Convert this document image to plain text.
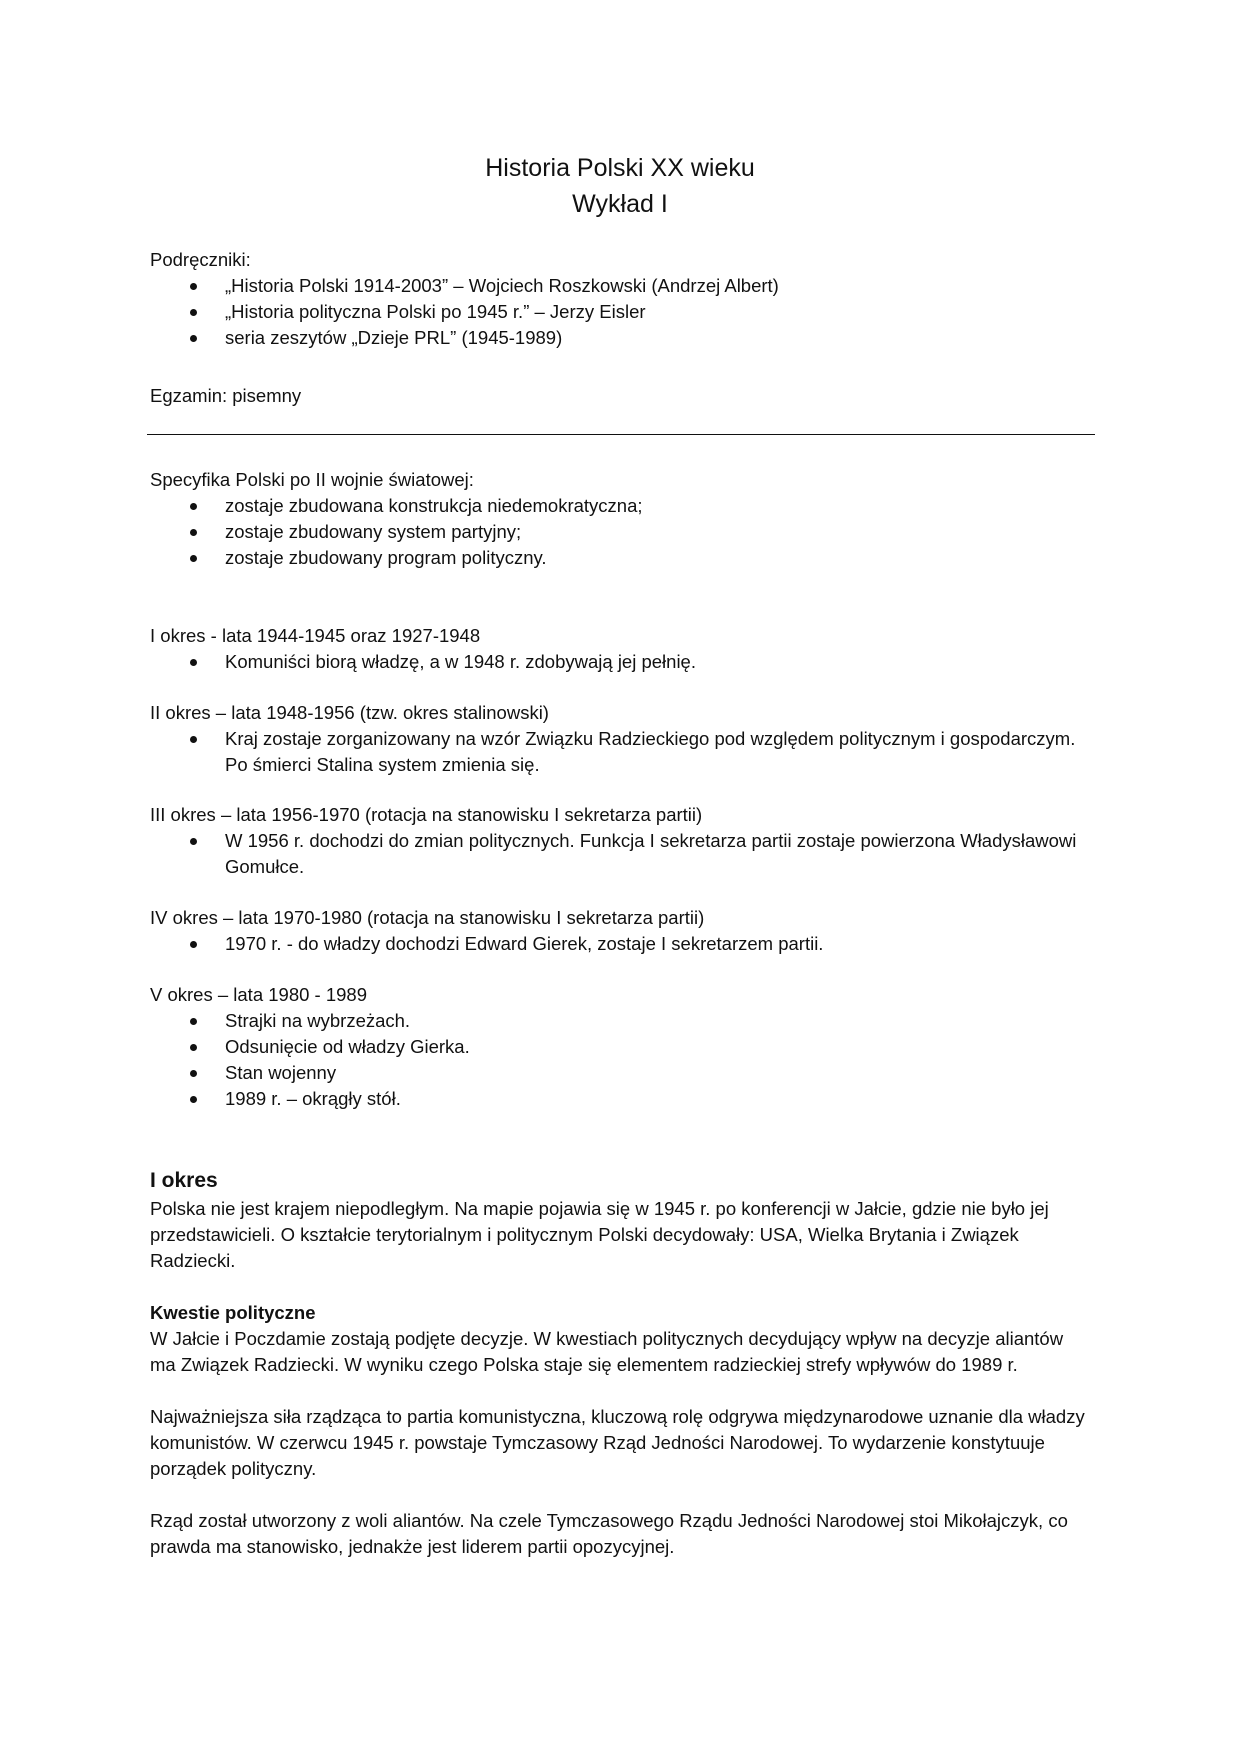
Historia Polski XX wieku
Wykład I

Podręczniki:

„Historia Polski 1914-2003” – Wojciech Roszkowski (Andrzej Albert)
„Historia polityczna Polski po 1945 r.” – Jerzy Eisler
seria zeszytów „Dzieje PRL” (1945-1989)
Egzamin: pisemny

Specyfika Polski po II wojnie światowej:

zostaje zbudowana konstrukcja niedemokratyczna;
zostaje zbudowany system partyjny;
zostaje zbudowany program polityczny.

I okres - lata 1944-1945 oraz 1927-1948

Komuniści biorą władzę, a w 1948 r. zdobywają jej pełnię.

II okres – lata 1948-1956 (tzw. okres stalinowski)

Kraj zostaje zorganizowany na wzór Związku Radzieckiego pod względem politycznym i gospodarczym. Po śmierci Stalina system zmienia się.

III okres – lata 1956-1970 (rotacja na stanowisku I sekretarza partii)

W 1956 r. dochodzi do zmian politycznych. Funkcja I sekretarza partii zostaje powierzona Władysławowi Gomułce.

IV okres – lata 1970-1980 (rotacja na stanowisku I sekretarza partii)

1970 r. - do władzy dochodzi Edward Gierek, zostaje I sekretarzem partii.

V okres – lata 1980 - 1989

Strajki na wybrzeżach.
Odsunięcie od władzy Gierka.
Stan wojenny
1989 r. – okrągły stół.
I okres

Polska nie jest krajem niepodległym. Na mapie pojawia się w 1945 r. po konferencji w Jałcie, gdzie nie było jej przedstawicieli. O kształcie terytorialnym i politycznym Polski decydowały: USA, Wielka Brytania i Związek Radziecki.

Kwestie polityczne

W Jałcie i Poczdamie zostają podjęte decyzje. W kwestiach politycznych decydujący wpływ na decyzje aliantów ma Związek Radziecki. W wyniku czego Polska staje się elementem radzieckiej strefy wpływów do 1989 r.

Najważniejsza siła rządząca to partia komunistyczna, kluczową rolę odgrywa międzynarodowe uznanie dla władzy komunistów. W czerwcu 1945 r. powstaje Tymczasowy Rząd Jedności Narodowej. To wydarzenie konstytuuje porządek polityczny.

Rząd został utworzony z woli aliantów. Na czele Tymczasowego Rządu Jedności Narodowej stoi Mikołajczyk, co prawda ma stanowisko, jednakże jest liderem partii opozycyjnej.
